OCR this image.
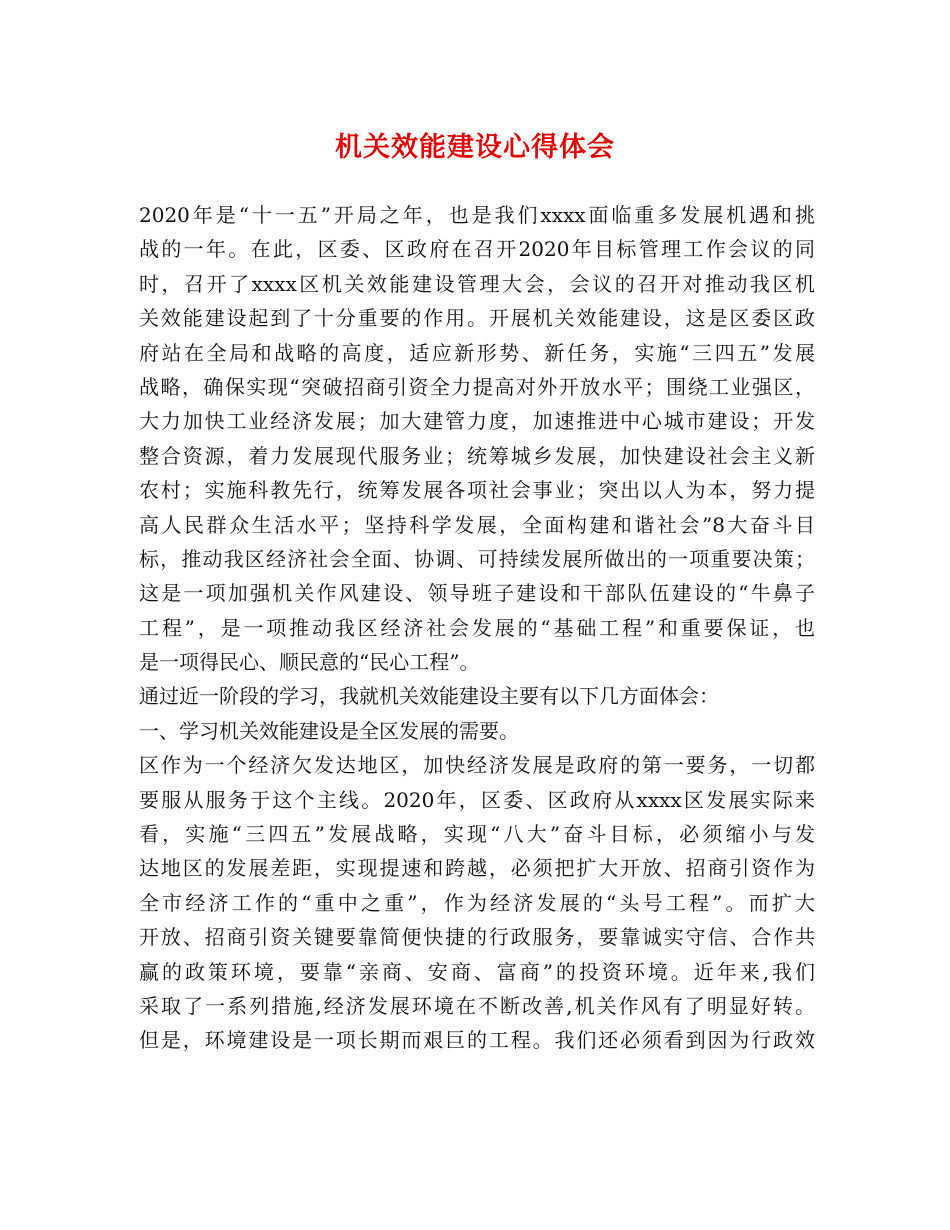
机关效能建设心得体会
2020年是“十一五”开局之年，也是我们xxxx面临重多发展机遇和挑
战的一年。在此，区委、区政府在召开2020年目标管理工作会议的同
时，召开了xxxx区机关效能建设管理大会，会议的召开对推动我区机
关效能建设起到了十分重要的作用。开展机关效能建设，这是区委区政
府站在全局和战略的高度，适应新形势、新任务，实施“三四五”发展
战略，确保实现“突破招商引资全力提高对外开放水平；围绕工业强区，
大力加快工业经济发展；加大建管力度，加速推进中心城市建设；开发
整合资源，着力发展现代服务业；统筹城乡发展，加快建设社会主义新
农村；实施科教先行，统筹发展各项社会事业；突出以人为本，努力提
高人民群众生活水平；坚持科学发展，全面构建和谐社会”8大奋斗目
标，推动我区经济社会全面、协调、可持续发展所做出的一项重要决策；
这是一项加强机关作风建设、领导班子建设和干部队伍建设的“牛鼻子
工程”，是一项推动我区经济社会发展的“基础工程”和重要保证，也
是一项得民心、顺民意的“民心工程”。
通过近一阶段的学习，我就机关效能建设主要有以下几方面体会：
一、学习机关效能建设是全区发展的需要。
区作为一个经济欠发达地区，加快经济发展是政府的第一要务，一切都
要服从服务于这个主线。2020年，区委、区政府从xxxx区发展实际来
看，实施“三四五”发展战略，实现“八大”奋斗目标，必须缩小与发
达地区的发展差距，实现提速和跨越，必须把扩大开放、招商引资作为
全市经济工作的“重中之重”，作为经济发展的“头号工程”。而扩大
开放、招商引资关键要靠简便快捷的行政服务，要靠诚实守信、合作共
赢的政策环境，要靠“亲商、安商、富商”的投资环境。近年来,我们
采取了一系列措施,经济发展环境在不断改善,机关作风有了明显好转。
但是，环境建设是一项长期而艰巨的工程。我们还必须看到因为行政效
